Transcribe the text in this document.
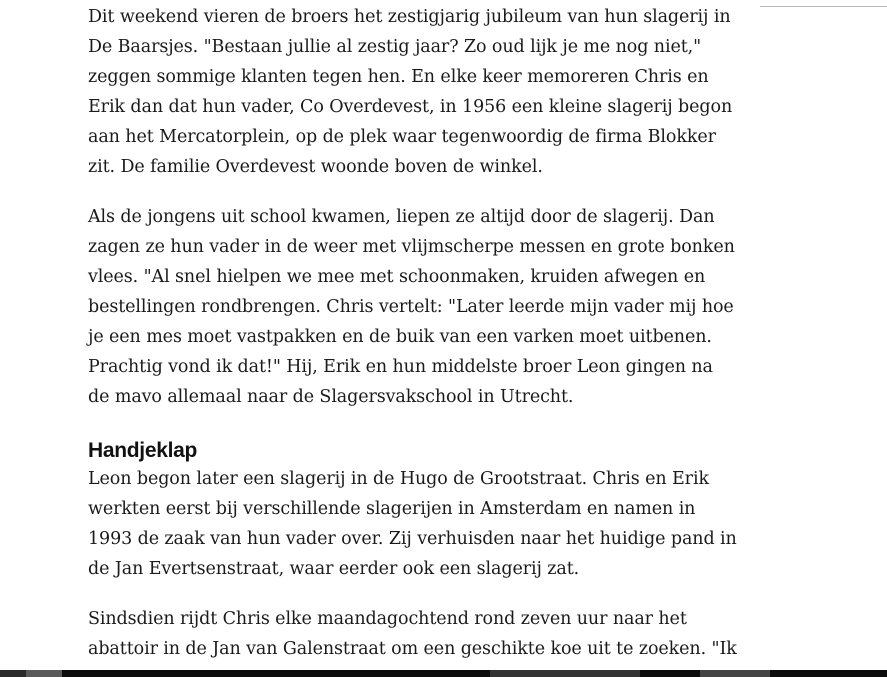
Dit weekend vieren de broers het zestigjarig jubileum van hun slagerij in De Baarsjes. "Bestaan jullie al zestig jaar? Zo oud lijk je me nog niet," zeggen sommige klanten tegen hen. En elke keer memoreren Chris en Erik dan dat hun vader, Co Overdevest, in 1956 een kleine slagerij begon aan het Mercatorplein, op de plek waar tegenwoordig de firma Blokker zit. De familie Overdevest woonde boven de winkel.

Als de jongens uit school kwamen, liepen ze altijd door de slagerij. Dan zagen ze hun vader in de weer met vlijmscherpe messen en grote bonken vlees. "Al snel hielpen we mee met schoonmaken, kruiden afwegen en bestellingen rondbrengen. Chris vertelt: "Later leerde mijn vader mij hoe je een mes moet vastpakken en de buik van een varken moet uitbenen. Prachtig vond ik dat!" Hij, Erik en hun middelste broer Leon gingen na de mavo allemaal naar de Slagersvakschool in Utrecht.

Handjeklap

Leon begon later een slagerij in de Hugo de Grootstraat. Chris en Erik werkten eerst bij verschillende slagerijen in Amsterdam en namen in 1993 de zaak van hun vader over. Zij verhuisden naar het huidige pand in de Jan Evertsenstraat, waar eerder ook een slagerij zat.

Sindsdien rijdt Chris elke maandagochtend rond zeven uur naar het abattoir in de Jan van Galenstraat om een geschikte koe uit te zoeken. "Ik
